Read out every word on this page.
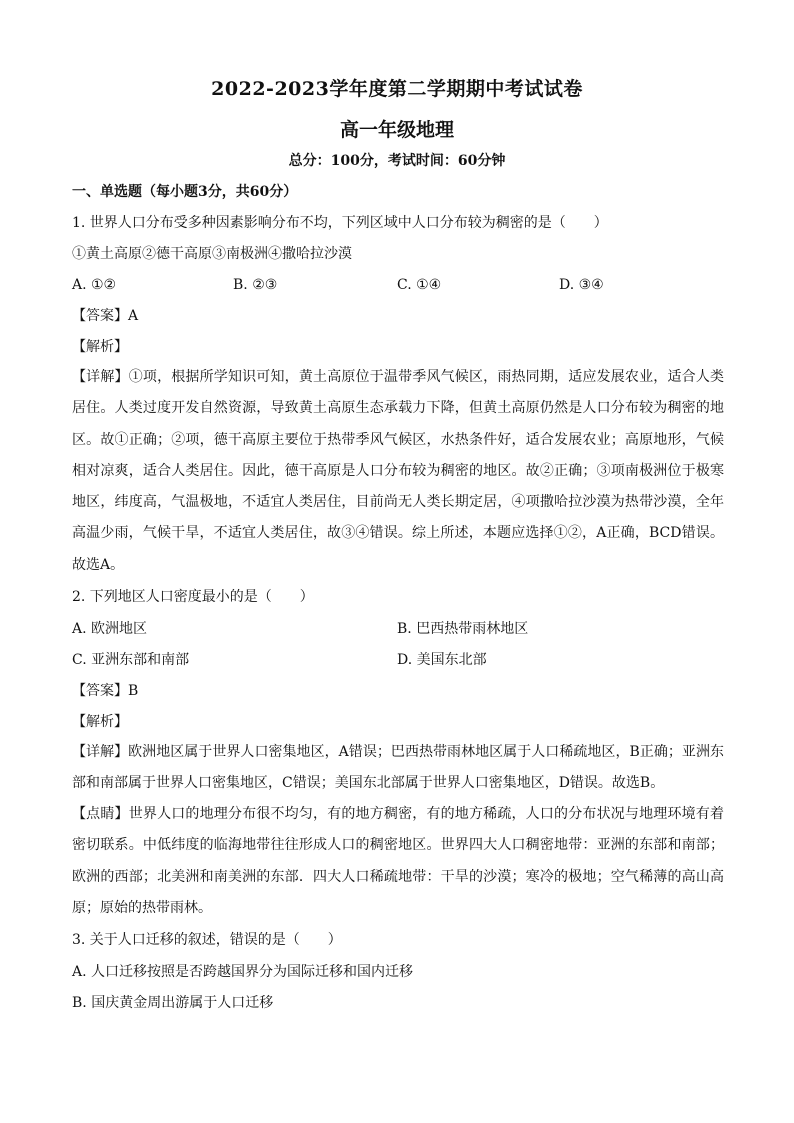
2022-2023学年度第二学期期中考试试卷
高一年级地理
总分：100分，考试时间：60分钟
一、单选题（每小题3分，共60分）
1. 世界人口分布受多种因素影响分布不均，下列区域中人口分布较为稠密的是（　　）
①黄土高原②德干高原③南极洲④撒哈拉沙漠
A. ①②	B. ②③	C. ①④	D. ③④
【答案】A
【解析】
【详解】①项，根据所学知识可知，黄土高原位于温带季风气候区，雨热同期，适应发展农业，适合人类居住。人类过度开发自然资源，导致黄土高原生态承载力下降，但黄土高原仍然是人口分布较为稠密的地区。故①正确；②项，德干高原主要位于热带季风气候区，水热条件好，适合发展农业；高原地形，气候相对凉爽，适合人类居住。因此，德干高原是人口分布较为稠密的地区。故②正确；③项南极洲位于极寒地区，纬度高，气温极地，不适宜人类居住，目前尚无人类长期定居，④项撒哈拉沙漠为热带沙漠，全年高温少雨，气候干旱，不适宜人类居住，故③④错误。综上所述，本题应选择①②，A正确，BCD错误。故选A。
2. 下列地区人口密度最小的是（　　）
A. 欧洲地区	B. 巴西热带雨林地区
C. 亚洲东部和南部	D. 美国东北部
【答案】B
【解析】
【详解】欧洲地区属于世界人口密集地区，A错误；巴西热带雨林地区属于人口稀疏地区，B正确；亚洲东部和南部属于世界人口密集地区，C错误；美国东北部属于世界人口密集地区，D错误。故选B。
【点睛】世界人口的地理分布很不均匀，有的地方稠密，有的地方稀疏，人口的分布状况与地理环境有着密切联系。中低纬度的临海地带往往形成人口的稠密地区。世界四大人口稠密地带：亚洲的东部和南部；欧洲的西部；北美洲和南美洲的东部．四大人口稀疏地带：干旱的沙漠；寒冷的极地；空气稀薄的高山高原；原始的热带雨林。
3. 关于人口迁移的叙述，错误的是（　　）
A. 人口迁移按照是否跨越国界分为国际迁移和国内迁移
B. 国庆黄金周出游属于人口迁移
